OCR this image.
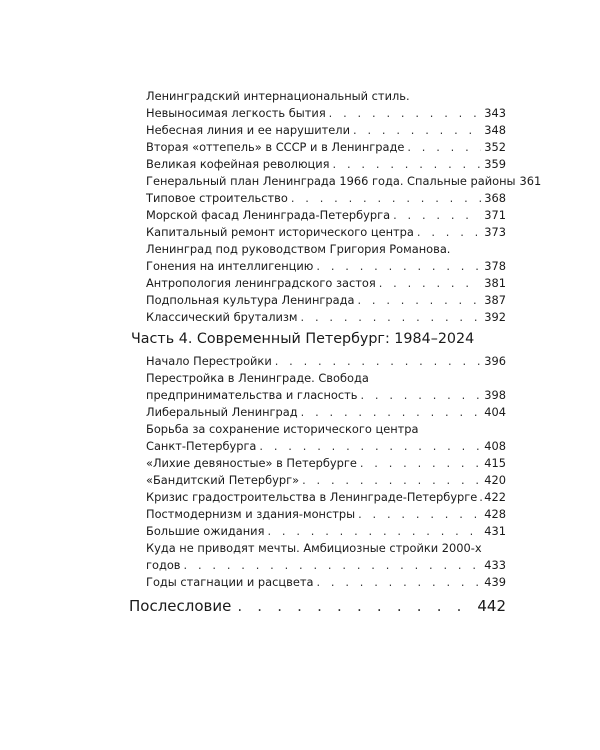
Ленинградский интернациональный стиль.
Невыносимая легкость бытия . . .	343
Небесная линия и ее нарушители . . .	348
Вторая «оттепель» в СССР и в Ленинграде . . .	352
Великая кофейная революция . . .	359
Генеральный план Ленинграда 1966 года. Спальные районы 361
Типовое строительство . . .	368
Морской фасад Ленинграда-Петербурга . . .	371
Капитальный ремонт исторического центра . . .	373
Ленинград под руководством Григория Романова.
Гонения на интеллигенцию . . .	378
Антропология ленинградского застоя . . .	381
Подпольная культура Ленинграда . . .	387
Классический брутализм . . .	392
Часть 4. Современный Петербург: 1984–2024
Начало Перестройки . . .	396
Перестройка в Ленинграде. Свобода
предпринимательства и гласность . . .	398
Либеральный Ленинград . . .	404
Борьба за сохранение исторического центра
Санкт-Петербурга . . .	408
«Лихие девяностые» в Петербурге . . .	415
«Бандитский Петербург» . . .	420
Кризис градостроительства в Ленинграде-Петербурге . . . 422
Постмодернизм и здания-монстры . . .	428
Большие ожидания . . .	431
Куда не приводят мечты. Амбициозные стройки 2000-х
годов . . .	433
Годы стагнации и расцвета . . .	439
Послесловие . . .	442
